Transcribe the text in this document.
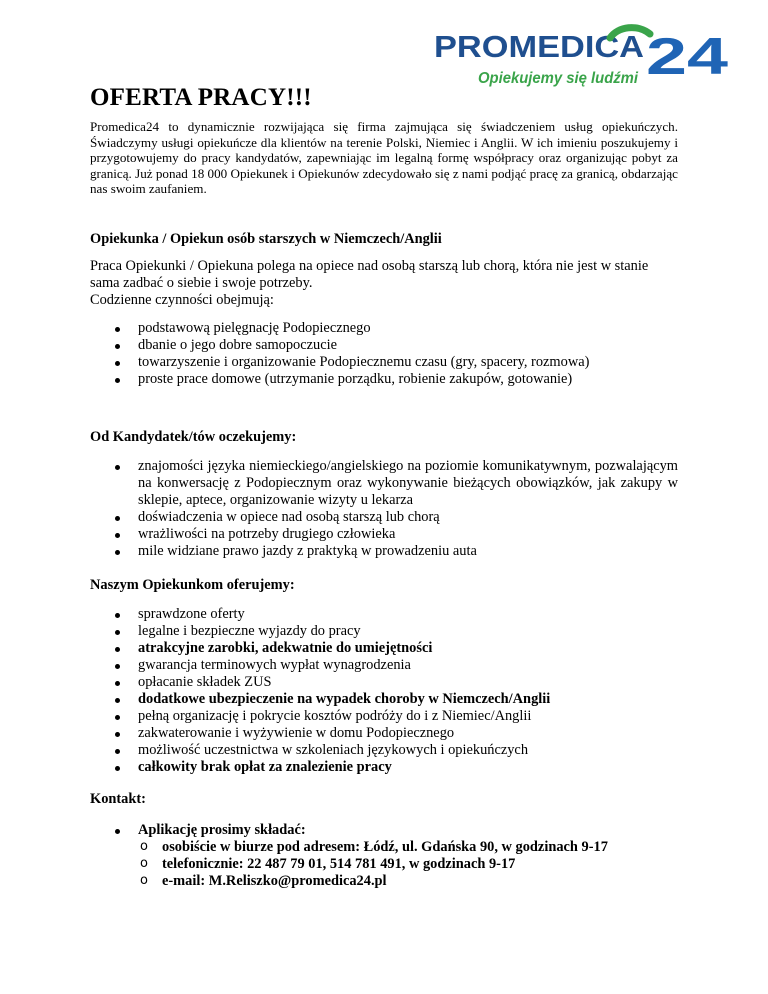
PROMEDICA 24
Opiekujemy się ludźmi
OFERTA PRACY!!!

Promedica24 to dynamicznie rozwijająca się firma zajmująca się świadczeniem usług opiekuńczych. Świadczymy usługi opiekuńcze dla klientów na terenie Polski, Niemiec i Anglii. W ich imieniu poszukujemy i przygotowujemy do pracy kandydatów, zapewniając im legalną formę współpracy oraz organizując pobyt za granicą. Już ponad 18 000 Opiekunek i Opiekunów zdecydowało się z nami podjąć pracę za granicą, obdarzając nas swoim zaufaniem.

Opiekunka / Opiekun osób starszych w Niemczech/Anglii

Praca Opiekunki / Opiekuna polega na opiece nad osobą starszą lub chorą, która nie jest w stanie sama zadbać o siebie i swoje potrzeby.

Codzienne czynności obejmują:

podstawową pielęgnację Podopiecznego
dbanie o jego dobre samopoczucie
towarzyszenie i organizowanie Podopiecznemu czasu (gry, spacery, rozmowa)
proste prace domowe (utrzymanie porządku, robienie zakupów, gotowanie)

Od Kandydatek/tów oczekujemy:

znajomości języka niemieckiego/angielskiego na poziomie komunikatywnym, pozwalającym na konwersację z Podopiecznym oraz wykonywanie bieżących obowiązków, jak zakupy w sklepie, aptece, organizowanie wizyty u lekarza
doświadczenia w opiece nad osobą starszą lub chorą
wrażliwości na potrzeby drugiego człowieka
mile widziane prawo jazdy z praktyką w prowadzeniu auta

Naszym Opiekunkom oferujemy:

sprawdzone oferty
legalne i bezpieczne wyjazdy do pracy
atrakcyjne zarobki, adekwatnie do umiejętności
gwarancja terminowych wypłat wynagrodzenia
opłacanie składek ZUS
dodatkowe ubezpieczenie na wypadek choroby w Niemczech/Anglii
pełną organizację i pokrycie kosztów podróży do i z Niemiec/Anglii
zakwaterowanie i wyżywienie w domu Podopiecznego
możliwość uczestnictwa w szkoleniach językowych i opiekuńczych
całkowity brak opłat za znalezienie pracy

Kontakt:

Aplikację prosimy składać:
o osobiście w biurze pod adresem: Łódź, ul. Gdańska 90, w godzinach 9-17
o telefonicznie: 22 487 79 01, 514 781 491, w godzinach 9-17
o e-mail: M.Reliszko@promedica24.pl
